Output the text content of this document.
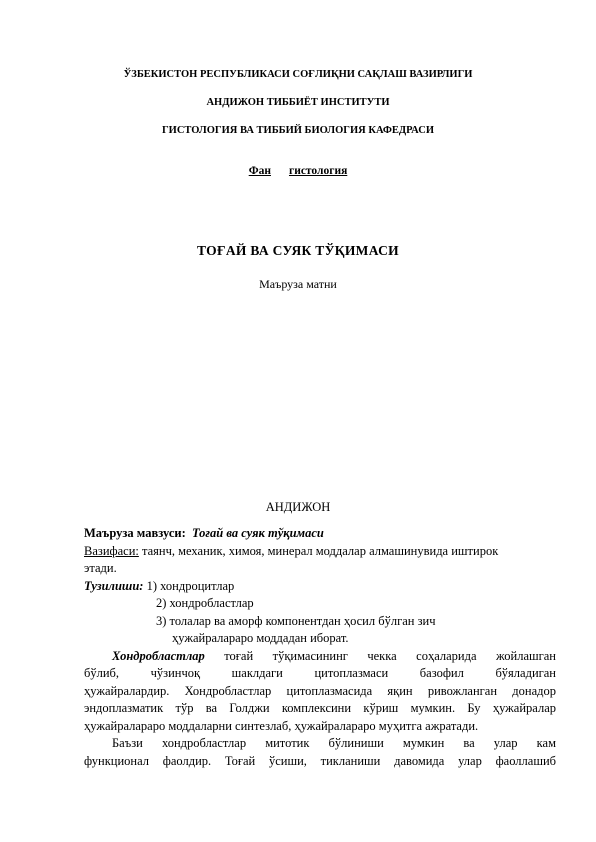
ЎЗБЕКИСТОН РЕСПУБЛИКАСИ СОҒЛИҚНИ САҚЛАШ ВАЗИРЛИГИ
АНДИЖОН ТИББИЁТ ИНСТИТУТИ
ГИСТОЛОГИЯ ВА ТИББИЙ БИОЛОГИЯ КАФЕДРАСИ
Фан гистология
ТОҒАЙ ВА СУЯК ТЎҚИМАСИ
Маъруза матни
АНДИЖОН
Маъруза мавзуси: Тоғай ва суяк тўқимаси
Вазифаси: таянч, механик, химоя, минерал моддалар алмашинувида иштирок
этади.
Тузилиши: 1) хондроцитлар
2) хондробластлар
3) толалар ва аморф компонентдан ҳосил бўлган зич
ҳужайралараро моддадан иборат.
Хондробластлар тоғай тўқимасининг чекка соҳаларида жойлашган
бўлиб, чўзинчоқ шаклдаги цитоплазмаси базофил бўяладиган
ҳужайралардир. Хондробластлар цитоплазмасида яқин ривожланган донадор
эндоплазматик тўр ва Голджи комплексини кўриш мумкин. Бу ҳужайралар
ҳужайралараро моддаларни синтезлаб, ҳужайралараро муҳитга ажратади.
Баъзи хондробластлар митотик бўлиниши мумкин ва улар кам
функционал фаолдир. Тоғай ўсиши, тикланиши давомида улар фаоллашиб
